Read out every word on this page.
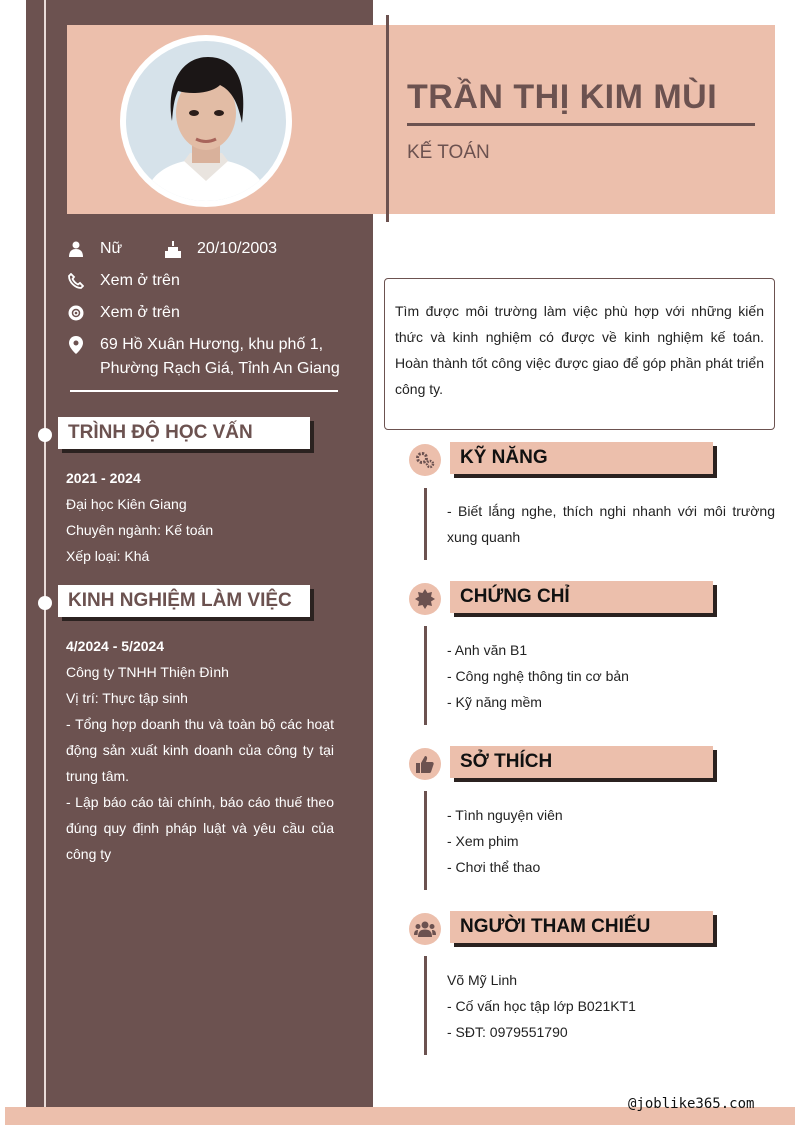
TRẦN THỊ KIM MÙI
KẾ TOÁN
Nữ	20/10/2003
Xem ở trên
Xem ở trên
69 Hồ Xuân Hương, khu phố 1,
Phường Rạch Giá, Tỉnh An Giang
TRÌNH ĐỘ HỌC VẤN
2021 - 2024
Đại học Kiên Giang
Chuyên ngành: Kế toán
Xếp loại: Khá
KINH NGHIỆM LÀM VIỆC
4/2024 - 5/2024
Công ty TNHH Thiện Đình
Vị trí: Thực tập sinh
- Tổng hợp doanh thu và toàn bộ các hoạt động sản xuất kinh doanh của công ty tại trung tâm.
- Lập báo cáo tài chính, báo cáo thuế theo đúng quy định pháp luật và yêu cầu của công ty
Tìm được môi trường làm việc phù hợp với những kiến thức và kinh nghiệm có được về kinh nghiệm kế toán. Hoàn thành tốt công việc được giao để góp phần phát triển công ty.
KỸ NĂNG
- Biết lắng nghe, thích nghi nhanh với môi trường xung quanh
CHỨNG CHỈ
- Anh văn B1
- Công nghệ thông tin cơ bản
- Kỹ năng mềm
SỞ THÍCH
- Tình nguyện viên
- Xem phim
- Chơi thể thao
NGƯỜI THAM CHIẾU
Võ Mỹ Linh
- Cố vấn học tập lớp B021KT1
- SĐT: 0979551790
@joblike365.com
